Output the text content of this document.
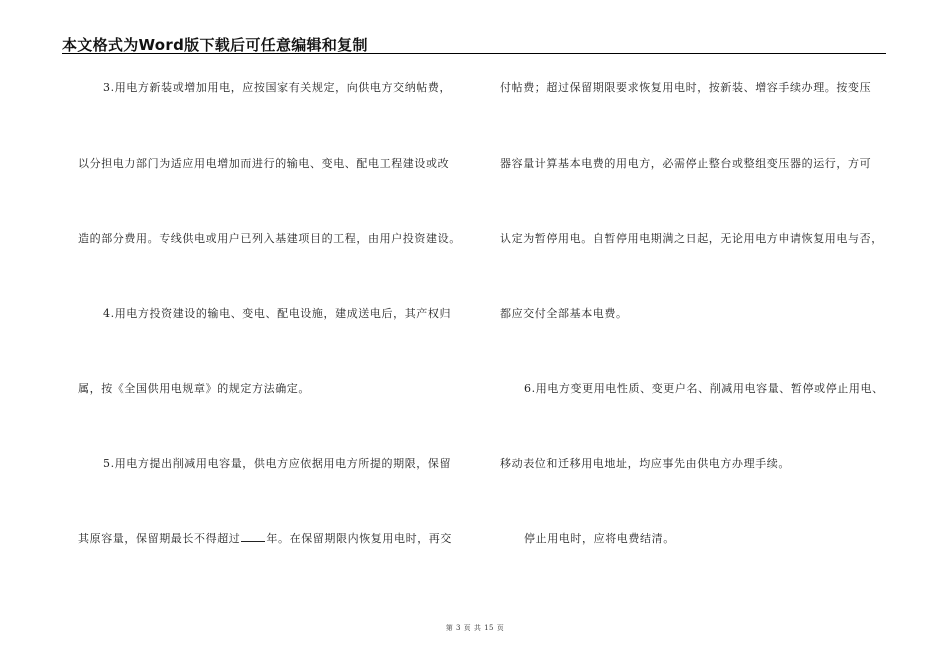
本文格式为Word版下载后可任意编辑和复制
3.用电方新装或增加用电，应按国家有关规定，向供电方交纳帖费，
以分担电力部门为适应用电增加而进行的输电、变电、配电工程建设或改
造的部分费用。专线供电或用户已列入基建项目的工程，由用户投资建设。
4.用电方投资建设的输电、变电、配电设施，建成送电后，其产权归
属，按《全国供用电规章》的规定方法确定。
5.用电方提出削减用电容量，供电方应依据用电方所提的期限，保留
其原容量，保留期最长不得超过 年。在保留期限内恢复用电时，再交
付帖费；超过保留期限要求恢复用电时，按新装、增容手续办理。按变压
器容量计算基本电费的用电方，必需停止整台或整组变压器的运行，方可
认定为暂停用电。自暂停用电期满之日起，无论用电方申请恢复用电与否，
都应交付全部基本电费。
6.用电方变更用电性质、变更户名、削减用电容量、暂停或停止用电、
移动表位和迁移用电地址，均应事先由供电方办理手续。
停止用电时，应将电费结清。
第 3 页 共 15 页
